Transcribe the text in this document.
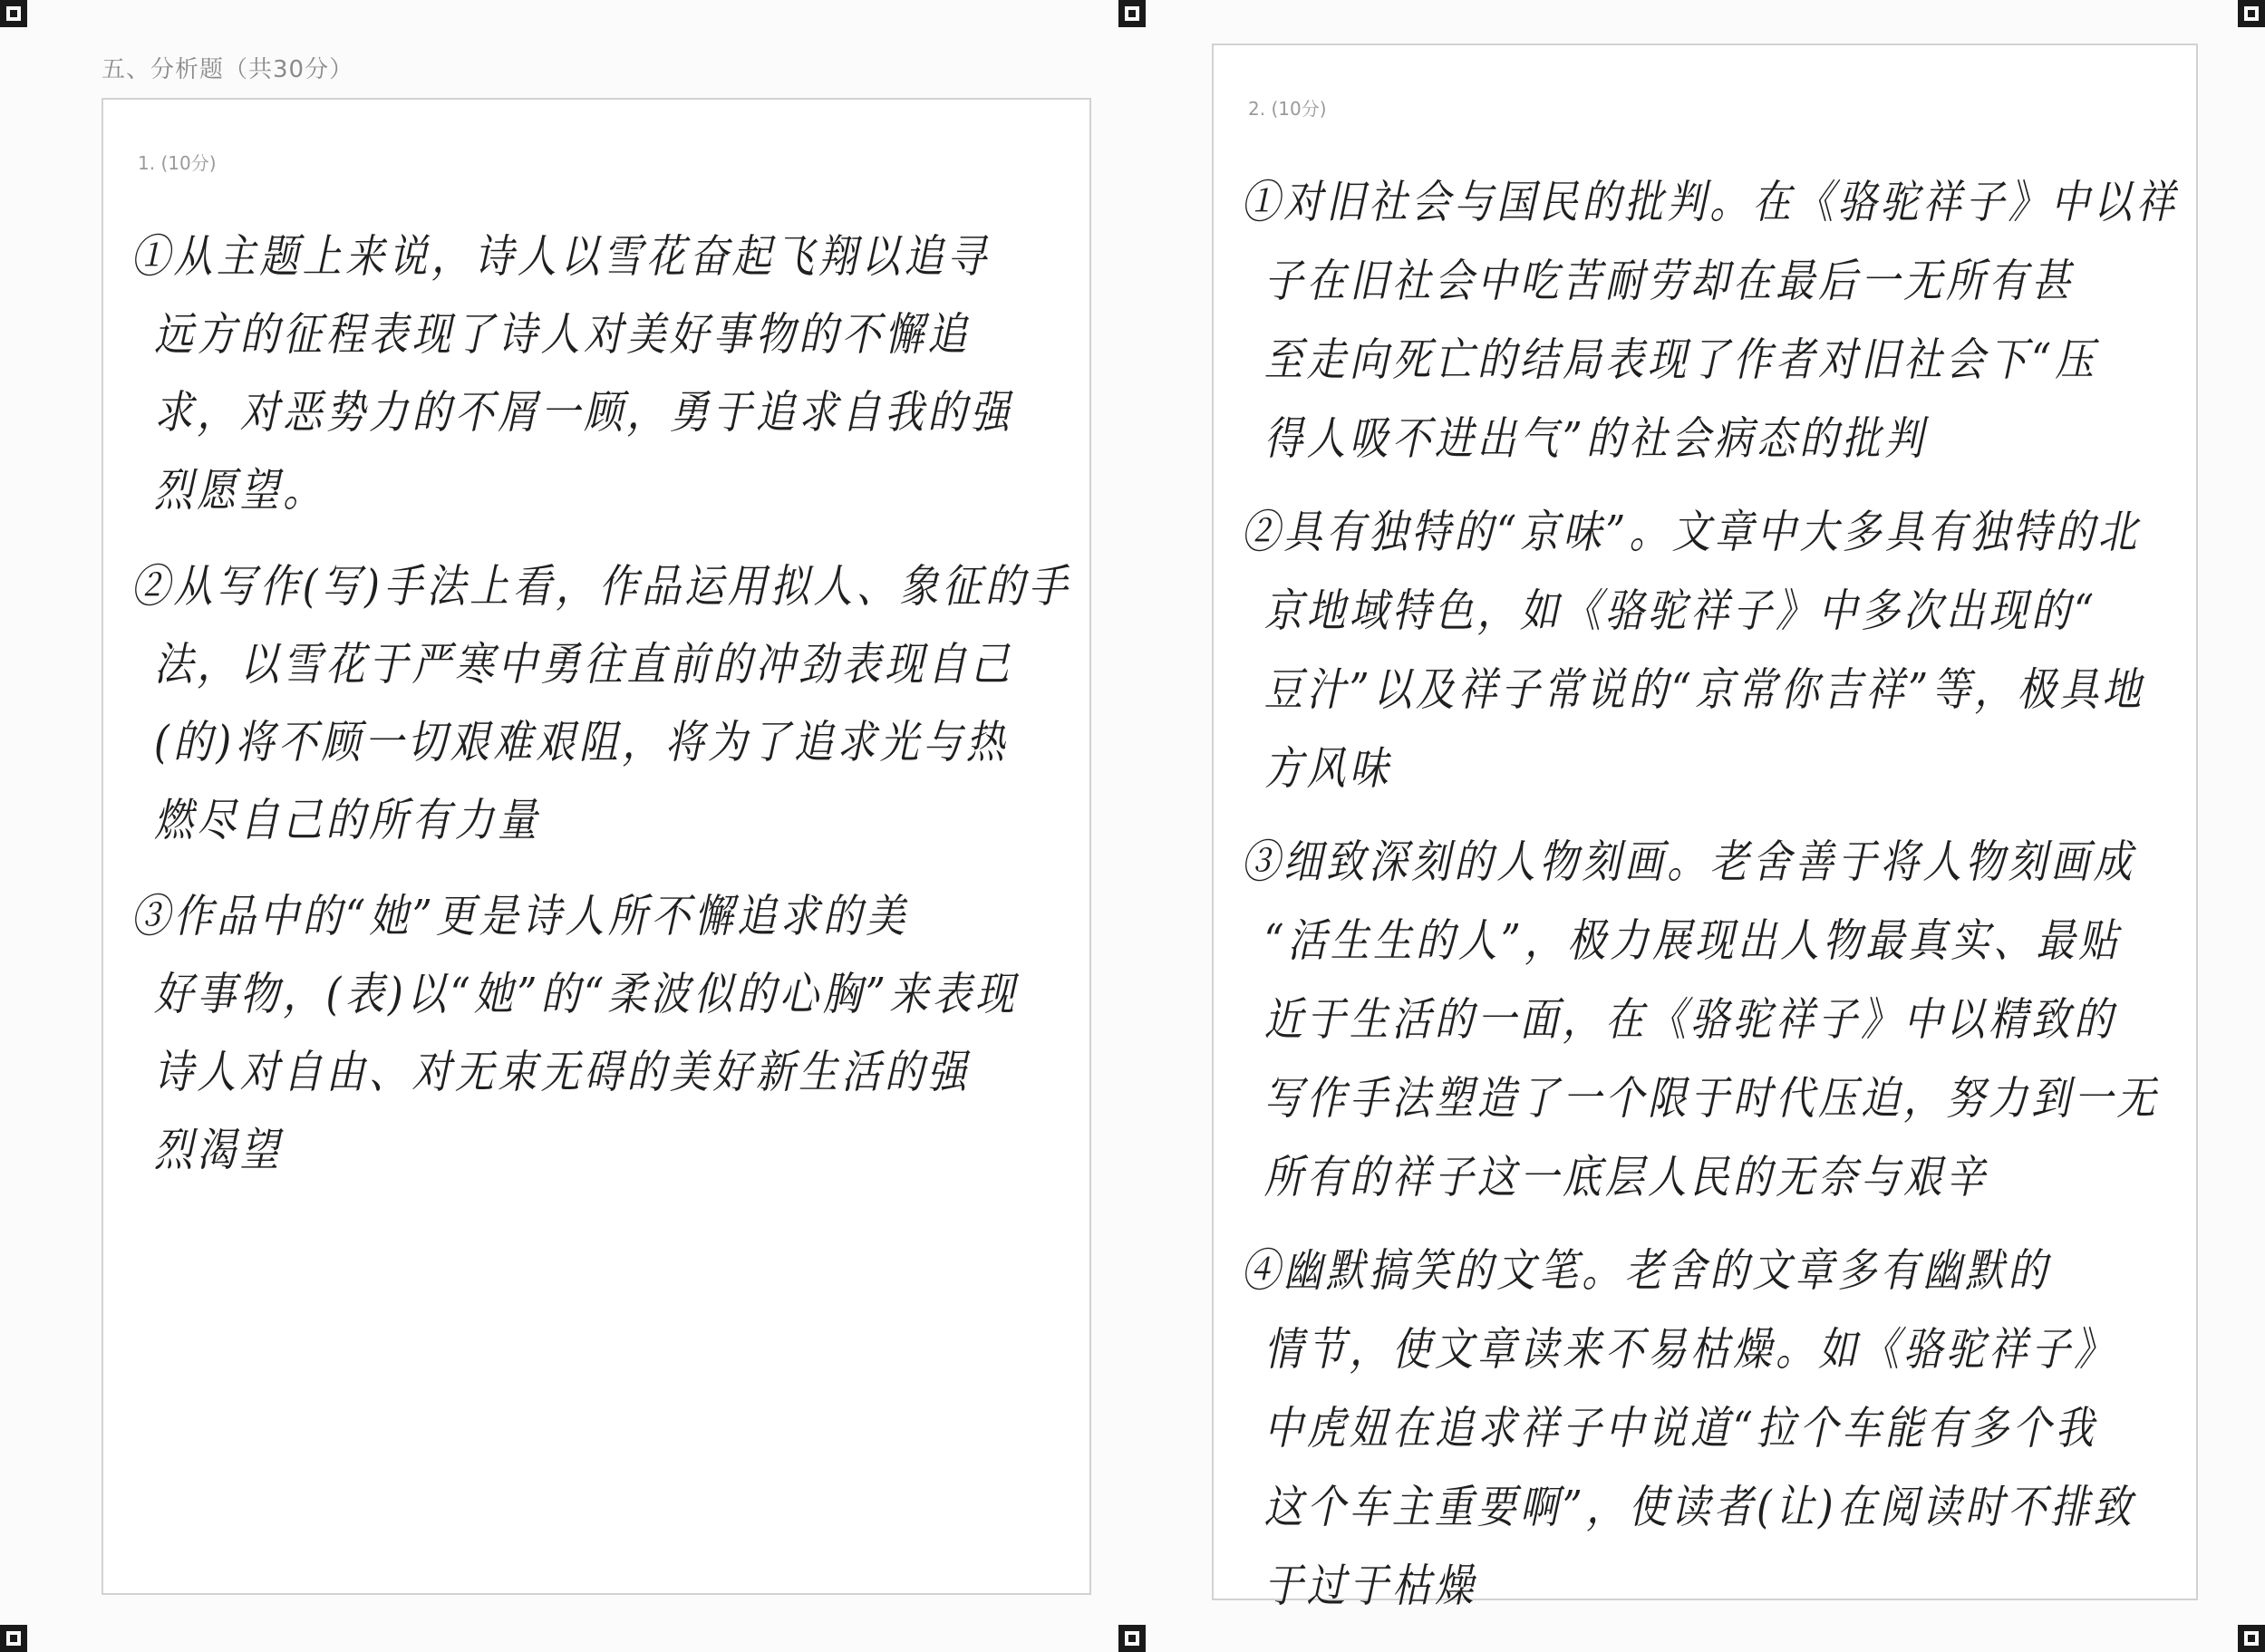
五、分析题（共30分）
1. (10分)

①从主题上来说，诗人以雪花奋起飞翔以追寻

远方的征程表现了诗人对美好事物的不懈追

求，对恶势力的不屑一顾，勇于追求自我的强

烈愿望。

②从写作(写)手法上看，作品运用拟人、象征的手

法，以雪花于严寒中勇往直前的冲劲表现自己

(的)将不顾一切艰难艰阻，将为了追求光与热

燃尽自己的所有力量

③作品中的“她”更是诗人所不懈追求的美

好事物，(表)以“她”的“柔波似的心胸”来表现

诗人对自由、对无束无碍的美好新生活的强

烈渴望

2. (10分)

①对旧社会与国民的批判。在《骆驼祥子》中以祥

子在旧社会中吃苦耐劳却在最后一无所有甚

至走向死亡的结局表现了作者对旧社会下“压

得人吸不进出气”的社会病态的批判

②具有独特的“京味”。文章中大多具有独特的北

京地域特色，如《骆驼祥子》中多次出现的“

豆汁”以及祥子常说的“京常你吉祥”等，极具地

方风味

③细致深刻的人物刻画。老舍善于将人物刻画成

“活生生的人”，极力展现出人物最真实、最贴

近于生活的一面，在《骆驼祥子》中以精致的

写作手法塑造了一个限于时代压迫，努力到一无

所有的祥子这一底层人民的无奈与艰辛

④幽默搞笑的文笔。老舍的文章多有幽默的

情节，使文章读来不易枯燥。如《骆驼祥子》

中虎妞在追求祥子中说道“拉个车能有多个我

这个车主重要啊”，使读者(让)在阅读时不排致

于过于枯燥
